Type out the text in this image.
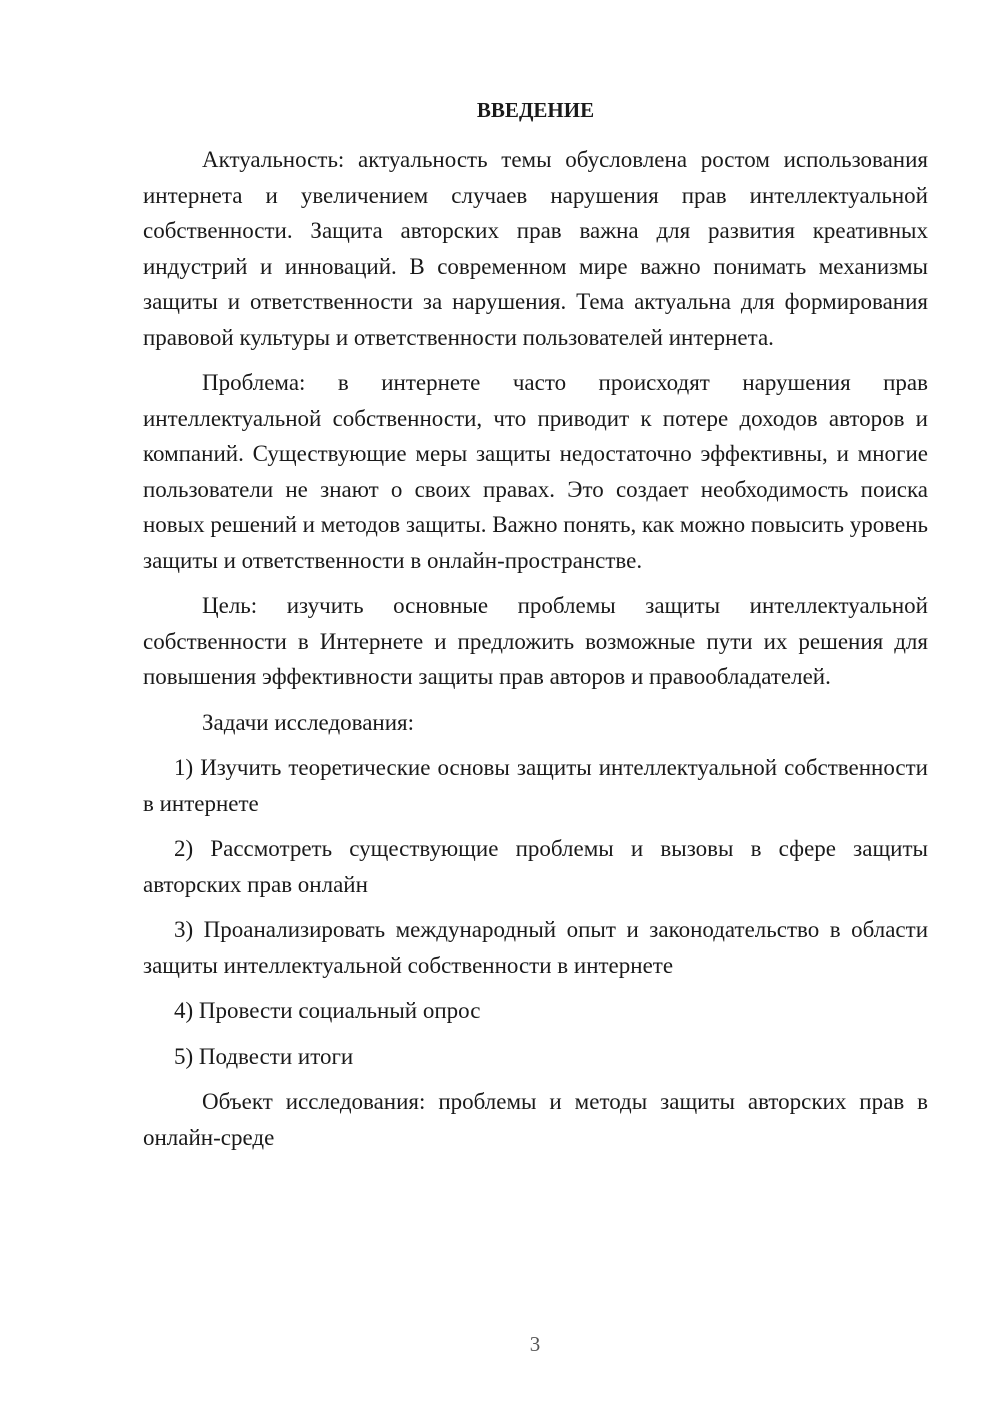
ВВЕДЕНИЕ

Актуальность: актуальность темы обусловлена ростом использования интернета и увеличением случаев нарушения прав интеллектуальной собственности. Защита авторских прав важна для развития креативных индустрий и инноваций. В современном мире важно понимать механизмы защиты и ответственности за нарушения. Тема актуальна для формирования правовой культуры и ответственности пользователей интернета.

Проблема: в интернете часто происходят нарушения прав интеллектуальной собственности, что приводит к потере доходов авторов и компаний. Существующие меры защиты недостаточно эффективны, и многие пользователи не знают о своих правах. Это создает необходимость поиска новых решений и методов защиты. Важно понять, как можно повысить уровень защиты и ответственности в онлайн-пространстве.

Цель: изучить основные проблемы защиты интеллектуальной собственности в Интернете и предложить возможные пути их решения для повышения эффективности защиты прав авторов и правообладателей.

Задачи исследования:

1) Изучить теоретические основы защиты интеллектуальной собственности в интернете

2) Рассмотреть существующие проблемы и вызовы в сфере защиты авторских прав онлайн

3) Проанализировать международный опыт и законодательство в области защиты интеллектуальной собственности в интернете

4) Провести социальный опрос

5) Подвести итоги

Объект исследования: проблемы и методы защиты авторских прав в онлайн-среде

3
